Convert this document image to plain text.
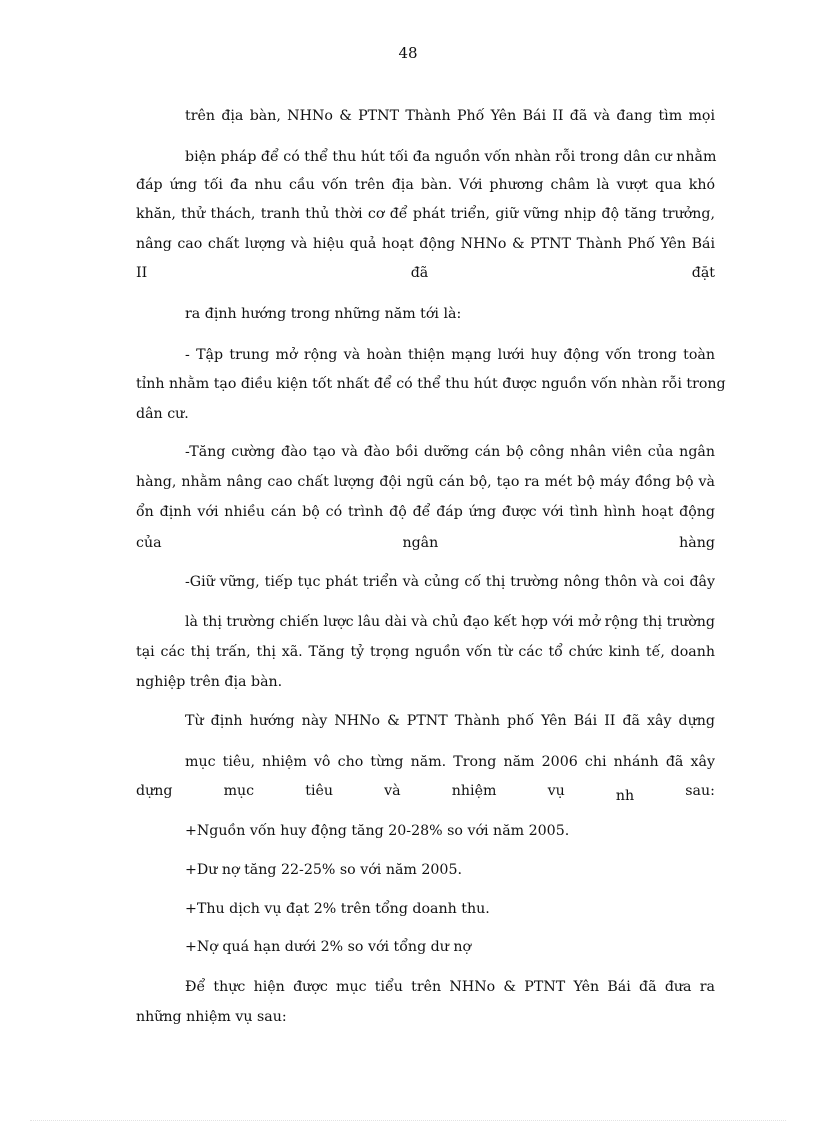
48
trên địa bàn, NHNo & PTNT Thành Phố Yên Bái II đã và đang tìm mọi
biện pháp để có thể thu hút tối đa nguồn vốn nhàn rỗi trong dân cư nhằm
đáp ứng tối đa nhu cầu vốn trên địa bàn. Với phương châm là vượt qua khó
khăn, thử thách, tranh thủ thời cơ để phát triển, giữ vững nhịp độ tăng trưởng,
nâng cao chất lượng và hiệu quả hoạt động NHNo & PTNT Thành Phố Yên Bái
II	đã	đặt
ra định hướng trong những năm tới là:
- Tập trung mở rộng và hoàn thiện mạng lưới huy động vốn trong toàn
tỉnh nhằm tạo điều kiện tốt nhất để có thể thu hút được nguồn vốn nhàn rỗi trong
dân cư.
-Tăng cường đào tạo và đào bồi dưỡng cán bộ công nhân viên của ngân
hàng, nhằm nâng cao chất lượng đội ngũ cán bộ, tạo ra mét bộ máy đồng bộ và
ổn định với nhiều cán bộ có trình độ để đáp ứng được với tình hình hoạt động
của	ngân	hàng
-Giữ vững, tiếp tục phát triển và củng cố thị trường nông thôn và coi đây
là thị trường chiến lược lâu dài và chủ đạo kết hợp với mở rộng thị trường
tại các thị trấn, thị xã. Tăng tỷ trọng nguồn vốn từ các tổ chức kinh tế, doanh
nghiệp trên địa bàn.
Từ định hướng này NHNo & PTNT Thành phố Yên Bái II đã xây dựng
mục tiêu, nhiệm vô cho từng năm. Trong năm 2006 chi nhánh đã xây
dựng	mục	tiêu	và	nhiệm	vụ	nh	sau:
+Nguồn vốn huy động tăng 20-28% so với năm 2005.
+Dư nợ tăng 22-25% so với năm 2005.
+Thu dịch vụ đạt 2% trên tổng doanh thu.
+Nợ quá hạn dưới 2% so với tổng dư nợ
Để thực hiện được mục tiểu trên NHNo & PTNT Yên Bái đã đưa ra
những nhiệm vụ sau:
